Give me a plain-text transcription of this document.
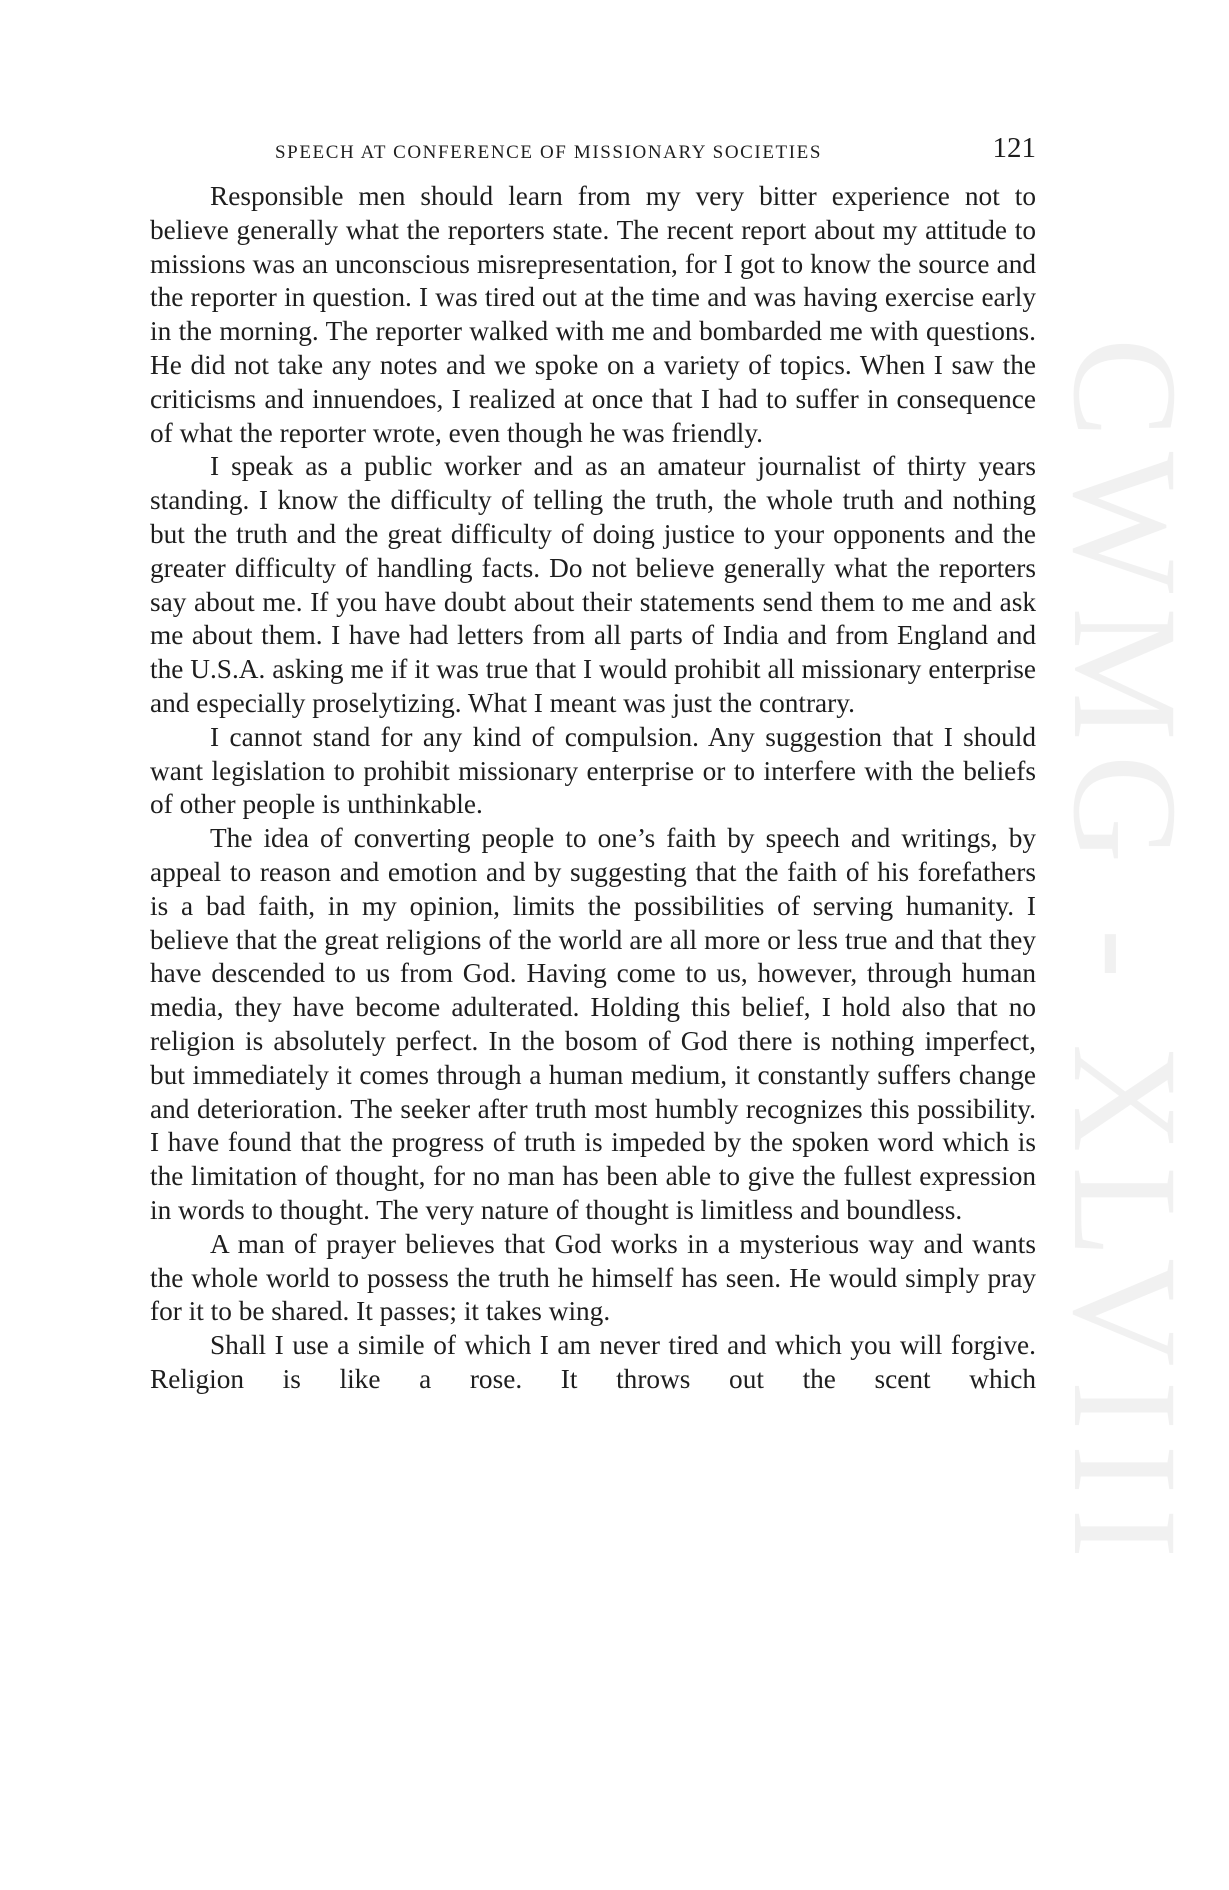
SPEECH AT CONFERENCE OF MISSIONARY SOCIETIES	121

Responsible men should learn from my very bitter experience not to believe generally what the reporters state. The recent report about my attitude to missions was an unconscious misrepresentation, for I got to know the source and the reporter in question. I was tired out at the time and was having exercise early in the morning. The reporter walked with me and bombarded me with questions. He did not take any notes and we spoke on a variety of topics. When I saw the criticisms and innuendoes, I realized at once that I had to suffer in consequence of what the reporter wrote, even though he was friendly.

I speak as a public worker and as an amateur journalist of thirty years standing. I know the difficulty of telling the truth, the whole truth and nothing but the truth and the great difficulty of doing justice to your opponents and the greater difficulty of handling facts. Do not believe generally what the reporters say about me. If you have doubt about their statements send them to me and ask me about them. I have had letters from all parts of India and from England and the U.S.A. asking me if it was true that I would prohibit all missionary enterprise and especially proselytizing. What I meant was just the contrary.

I cannot stand for any kind of compulsion. Any suggestion that I should want legislation to prohibit missionary enterprise or to interfere with the beliefs of other people is unthinkable.

The idea of converting people to one’s faith by speech and writings, by appeal to reason and emotion and by suggesting that the faith of his forefathers is a bad faith, in my opinion, limits the possibilities of serving humanity. I believe that the great religions of the world are all more or less true and that they have descended to us from God. Having come to us, however, through human media, they have become adulterated. Holding this belief, I hold also that no religion is absolutely perfect. In the bosom of God there is nothing imperfect, but immediately it comes through a human medium, it constantly suffers change and deterioration. The seeker after truth most humbly recognizes this possibility. I have found that the progress of truth is impeded by the spoken word which is the limitation of thought, for no man has been able to give the fullest expression in words to thought. The very nature of thought is limitless and boundless.

A man of prayer believes that God works in a mysterious way and wants the whole world to possess the truth he himself has seen. He would simply pray for it to be shared. It passes; it takes wing.

Shall I use a simile of which I am never tired and which you will forgive. Religion is like a rose. It throws out the scent which CWMG - XLVIII
